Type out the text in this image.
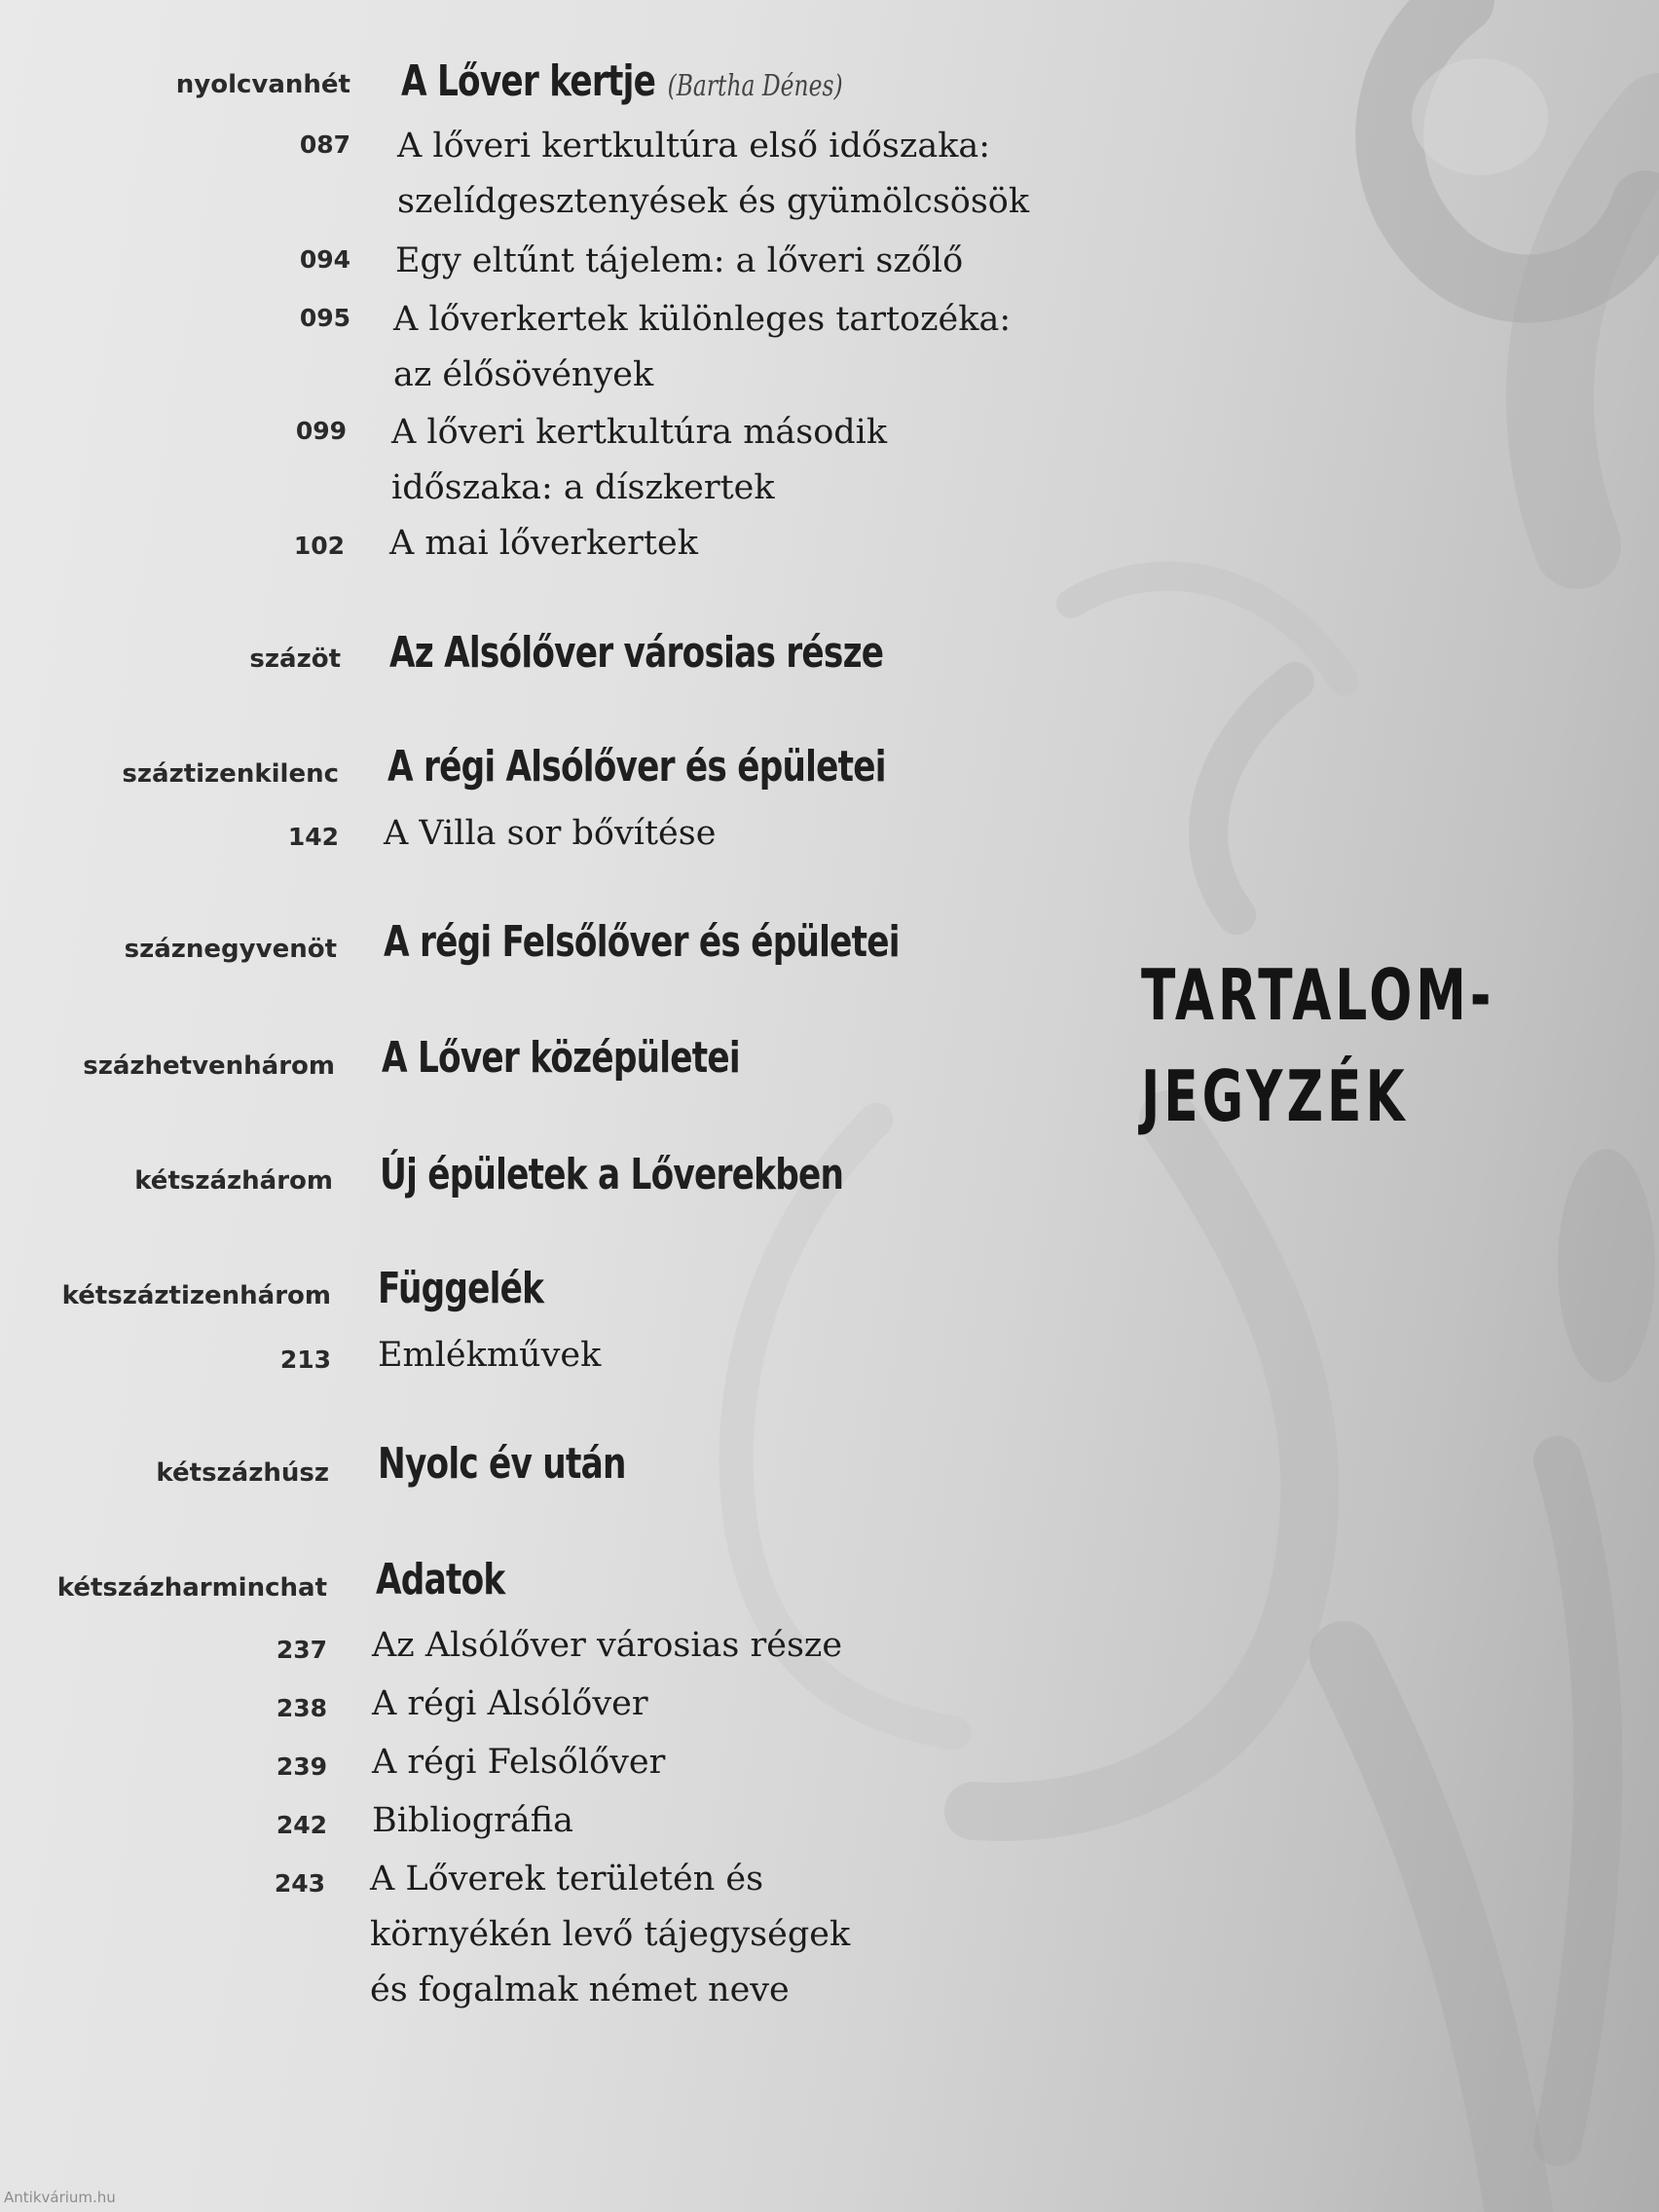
nyolcvanhét A Lőver kertje (Bartha Dénes)
087 A lőveri kertkultúra első időszaka:
szelídgesztenyések és gyümölcsösök
094 Egy eltűnt tájelem: a lőveri szőlő
095 A lőverkertek különleges tartozéka:
az élősövények
099 A lőveri kertkultúra második
időszaka: a díszkertek
102 A mai lőverkertek
százöt Az Alsólőver városias része
száztizenkilenc A régi Alsólőver és épületei
142 A Villa sor bővítése
száznegyvenöt A régi Felsőlőver és épületei
százhetvenhárom A Lőver középületei
kétszázhárom Új épületek a Lőverekben
kétszáztizenhárom Függelék
213 Emlékművek
kétszázhúsz Nyolc év után
kétszázharminchat Adatok
237 Az Alsólőver városias része
238 A régi Alsólőver
239 A régi Felsőlőver
242 Bibliográfia
243 A Lőverek területén és
környékén levő tájegységek
és fogalmak német neve
TARTALOM-
JEGYZÉK
Antikvárium.hu
